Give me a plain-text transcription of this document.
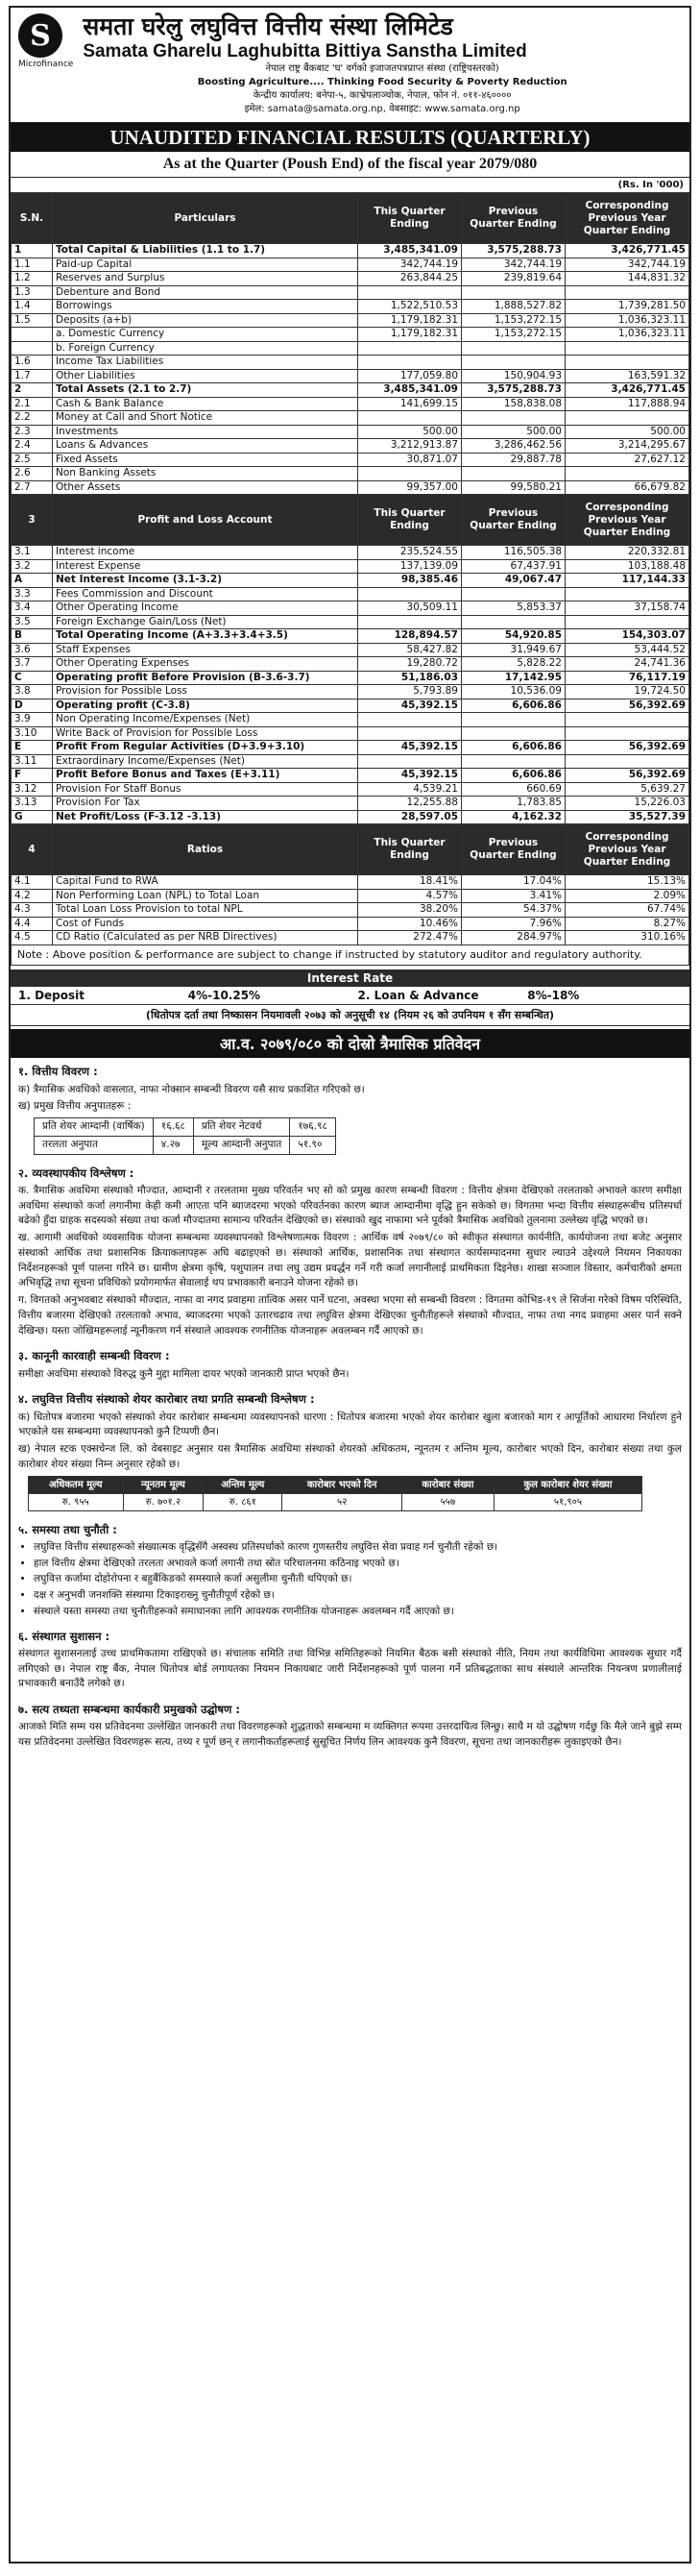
S
Microfinance
समता घरेलु लघुवित्त वित्तीय संस्था लिमिटेड
Samata Gharelu Laghubitta Bittiya Sanstha Limited
नेपाल राष्ट्र बैंकबाट 'घ' वर्गको इजाजतपत्रप्राप्त संस्था (राष्ट्रियस्तरको)
Boosting Agriculture.... Thinking Food Security & Poverty Reduction
केन्द्रीय कार्यालय: बनेपा-५, काभ्रेपलाञ्चोक, नेपाल, फोन नं. ०११-४६००००
इमेल: samata@samata.org.np, वेबसाइट: www.samata.org.np
UNAUDITED FINANCIAL RESULTS (QUARTERLY)
As at the Quarter (Poush End) of the fiscal year 2079/080
(Rs. In '000)
S.N.	Particulars	This Quarter Ending	Previous Quarter Ending	Corresponding Previous Year Quarter Ending
1	Total Capital & Liabilities (1.1 to 1.7)	3,485,341.09	3,575,288.73	3,426,771.45
1.1	Paid-up Capital	342,744.19	342,744.19	342,744.19
1.2	Reserves and Surplus	263,844.25	239,819.64	144,831.32
1.3	Debenture and Bond			
1.4	Borrowings	1,522,510.53	1,888,527.82	1,739,281.50
1.5	Deposits (a+b)	1,179,182.31	1,153,272.15	1,036,323.11
	a. Domestic Currency	1,179,182.31	1,153,272.15	1,036,323.11
	b. Foreign Currency			
1.6	Income Tax Liabilities			
1.7	Other Liabilities	177,059.80	150,904.93	163,591.32
2	Total Assets (2.1 to 2.7)	3,485,341.09	3,575,288.73	3,426,771.45
2.1	Cash & Bank Balance	141,699.15	158,838.08	117,888.94
2.2	Money at Call and Short Notice			
2.3	Investments	500.00	500.00	500.00
2.4	Loans & Advances	3,212,913.87	3,286,462.56	3,214,295.67
2.5	Fixed Assets	30,871.07	29,887.78	27,627.12
2.6	Non Banking Assets			
2.7	Other Assets	99,357.00	99,580.21	66,679.82
3	Profit and Loss Account	This Quarter Ending	Previous Quarter Ending	Corresponding Previous Year Quarter Ending
3.1	Interest income	235,524.55	116,505.38	220,332.81
3.2	Interest Expense	137,139.09	67,437.91	103,188.48
A	Net Interest Income (3.1-3.2)	98,385.46	49,067.47	117,144.33
3.3	Fees Commission and Discount			
3.4	Other Operating Income	30,509.11	5,853.37	37,158.74
3.5	Foreign Exchange Gain/Loss (Net)			
B	Total Operating Income (A+3.3+3.4+3.5)	128,894.57	54,920.85	154,303.07
3.6	Staff Expenses	58,427.82	31,949.67	53,444.52
3.7	Other Operating Expenses	19,280.72	5,828.22	24,741.36
C	Operating profit Before Provision (B-3.6-3.7)	51,186.03	17,142.95	76,117.19
3.8	Provision for Possible Loss	5,793.89	10,536.09	19,724.50
D	Operating profit (C-3.8)	45,392.15	6,606.86	56,392.69
3.9	Non Operating Income/Expenses (Net)			
3.10	Write Back of Provision for Possible Loss			
E	Profit From Regular Activities (D+3.9+3.10)	45,392.15	6,606.86	56,392.69
3.11	Extraordinary Income/Expenses (Net)			
F	Profit Before Bonus and Taxes (E+3.11)	45,392.15	6,606.86	56,392.69
3.12	Provision For Staff Bonus	4,539.21	660.69	5,639.27
3.13	Provision For Tax	12,255.88	1,783.85	15,226.03
G	Net Profit/Loss (F-3.12 -3.13)	28,597.05	4,162.32	35,527.39
4	Ratios	This Quarter Ending	Previous Quarter Ending	Corresponding Previous Year Quarter Ending
4.1	Capital Fund to RWA	18.41%	17.04%	15.13%
4.2	Non Performing Loan (NPL) to Total Loan	4.57%	3.41%	2.09%
4.3	Total Loan Loss Provision to total NPL	38.20%	54.37%	67.74%
4.4	Cost of Funds	10.46%	7.96%	8.27%
4.5	CD Ratio (Calculated as per NRB Directives)	272.47%	284.97%	310.16%
Note : Above position & performance are subject to change if instructed by statutory auditor and regulatory authority.
Interest Rate
1. Deposit	4%-10.25%	2. Loan & Advance	8%-18%
(धितोपत्र दर्ता तथा निष्कासन नियमावली २०७३ को अनुसूची १४ (नियम २६ को उपनियम १ सँग सम्बन्धित)
आ.व. २०७९/०८० को दोस्रो त्रैमासिक प्रतिवेदन
१. वित्तीय विवरण :

क) त्रैमासिक अवधिको वासलात, नाफा नोक्सान सम्बन्धी विवरण यसै साथ प्रकाशित गरिएको छ।

ख) प्रमुख वित्तीय अनुपातहरू :

प्रति शेयर आम्दानी (वार्षिक)	१६.६८	प्रति शेयर नेटवर्थ	१७६.९८
तरलता अनुपात	४.२७	मूल्य आम्दानी अनुपात	५१.९०
२. व्यवस्थापकीय विश्लेषण :

क. त्रैमासिक अवधिमा संस्थाको मौज्दात, आम्दानी र तरलतामा मुख्य परिवर्तन भए सो को प्रमुख कारण सम्बन्धी विवरण : वित्तीय क्षेत्रमा देखिएको तरलताको अभावले कारण समीक्षा अवधिमा संस्थाको कर्जा लगानीमा केही कमी आएता पनि ब्याजदरमा भएको परिवर्तनका कारण ब्याज आम्दानीमा वृद्धि हुन सकेको छ। विगतमा भन्दा वित्तीय संस्थाहरूबीच प्रतिस्पर्धा बढेको हुँदा ग्राहक सदस्यको संख्या तथा कर्जा मौज्दातमा सामान्य परिवर्तन देखिएको छ। संस्थाको खुद नाफामा भने पूर्वको त्रैमासिक अवधिको तुलनामा उल्लेख्य वृद्धि भएको छ।

ख. आगामी अवधिको व्यवसायिक योजना सम्बन्धमा व्यवस्थापनको विश्लेषणात्मक विवरण : आर्थिक वर्ष २०७९/८० को स्वीकृत संस्थागत कार्यनीति, कार्ययोजना तथा बजेट अनुसार संस्थाको आर्थिक तथा प्रशासनिक क्रियाकलापहरू अघि बढाइएको छ। संस्थाको आर्थिक, प्रशासनिक तथा संस्थागत कार्यसम्पादनमा सुधार ल्याउने उद्देश्यले नियमन निकायका निर्देशनहरूको पूर्ण पालना गरिने छ। ग्रामीण क्षेत्रमा कृषि, पशुपालन तथा लघु उद्यम प्रवर्द्धन गर्ने गरी कर्जा लगानीलाई प्राथमिकता दिइनेछ। शाखा सञ्जाल विस्तार, कर्मचारीको क्षमता अभिवृद्धि तथा सूचना प्रविधिको प्रयोगमार्फत सेवालाई थप प्रभावकारी बनाउने योजना रहेको छ।

ग. विगतको अनुभवबाट संस्थाको मौज्दात, नाफा वा नगद प्रवाहमा तात्विक असर पार्ने घटना, अवस्था भएमा सो सम्बन्धी विवरण : विगतमा कोभिड-१९ ले सिर्जना गरेको विषम परिस्थिति, वित्तीय बजारमा देखिएको तरलताको अभाव, ब्याजदरमा भएको उतारचढाव तथा लघुवित्त क्षेत्रमा देखिएका चुनौतीहरूले संस्थाको मौज्दात, नाफा तथा नगद प्रवाहमा असर पार्न सक्ने देखिन्छ। यस्ता जोखिमहरूलाई न्यूनीकरण गर्न संस्थाले आवश्यक रणनीतिक योजनाहरू अवलम्बन गर्दै आएको छ।

३. कानूनी कारवाही सम्बन्धी विवरण :

समीक्षा अवधिमा संस्थाको विरुद्ध कुनै मुद्दा मामिला दायर भएको जानकारी प्राप्त भएको छैन।

४. लघुवित्त वित्तीय संस्थाको शेयर कारोबार तथा प्रगति सम्बन्धी विश्लेषण :

क) धितोपत्र बजारमा भएको संस्थाको शेयर कारोबार सम्बन्धमा व्यवस्थापनको धारणा : धितोपत्र बजारमा भएको शेयर कारोबार खुला बजारको माग र आपूर्तिको आधारमा निर्धारण हुने भएकोले यस सम्बन्धमा व्यवस्थापनको कुनै टिप्पणी छैन।

ख) नेपाल स्टक एक्सचेन्ज लि. को वेबसाइट अनुसार यस त्रैमासिक अवधिमा संस्थाको शेयरको अधिकतम, न्यूनतम र अन्तिम मूल्य, कारोबार भएको दिन, कारोबार संख्या तथा कुल कारोबार शेयर संख्या निम्न अनुसार रहेको छ।

अधिकतम मूल्य	न्यूनतम मूल्य	अन्तिम मूल्य	कारोबार भएको दिन	कारोबार संख्या	कुल कारोबार शेयर संख्या
रु. ९५५	रु. ७०१.२	रु. ८६१	५२	५५७	५१,९०५
५. समस्या तथा चुनौती :
• लघुवित्त वित्तीय संस्थाहरूको संख्यात्मक वृद्धिसँगै अस्वस्थ प्रतिस्पर्धाको कारण गुणस्तरीय लघुवित्त सेवा प्रवाह गर्न चुनौती रहेको छ।
• हाल वित्तीय क्षेत्रमा देखिएको तरलता अभावले कर्जा लगानी तथा स्रोत परिचालनमा कठिनाइ भएको छ।
• लघुवित्त कर्जामा दोहोरोपना र बहुबैंकिङको समस्याले कर्जा असुलीमा चुनौती थपिएको छ।
• दक्ष र अनुभवी जनशक्ति संस्थामा टिकाइराख्नु चुनौतीपूर्ण रहेको छ।
• संस्थाले यस्ता समस्या तथा चुनौतीहरूको समाधानका लागि आवश्यक रणनीतिक योजनाहरू अवलम्बन गर्दै आएको छ।
६. संस्थागत सुशासन :

संस्थागत सुशासनलाई उच्च प्राथमिकतामा राखिएको छ। संचालक समिति तथा विभिन्न समितिहरूको नियमित बैठक बसी संस्थाको नीति, नियम तथा कार्यविधिमा आवश्यक सुधार गर्दै लगिएको छ। नेपाल राष्ट्र बैंक, नेपाल धितोपत्र बोर्ड लगायतका नियमन निकायबाट जारी निर्देशनहरूको पूर्ण पालना गर्ने प्रतिबद्धताका साथ संस्थाले आन्तरिक नियन्त्रण प्रणालीलाई प्रभावकारी बनाउँदै लगेको छ।

७. सत्य तथ्यता सम्बन्धमा कार्यकारी प्रमुखको उद्घोषण :

आजको मिति सम्म यस प्रतिवेदनमा उल्लेखित जानकारी तथा विवरणहरूको शुद्धताको सम्बन्धमा म व्यक्तिगत रूपमा उत्तरदायित्व लिन्छु। साथै म यो उद्घोषण गर्दछु कि मैले जाने बुझे सम्म यस प्रतिवेदनमा उल्लेखित विवरणहरू सत्य, तथ्य र पूर्ण छन् र लगानीकर्ताहरूलाई सुसूचित निर्णय लिन आवश्यक कुनै विवरण, सूचना तथा जानकारीहरू लुकाइएको छैन।
